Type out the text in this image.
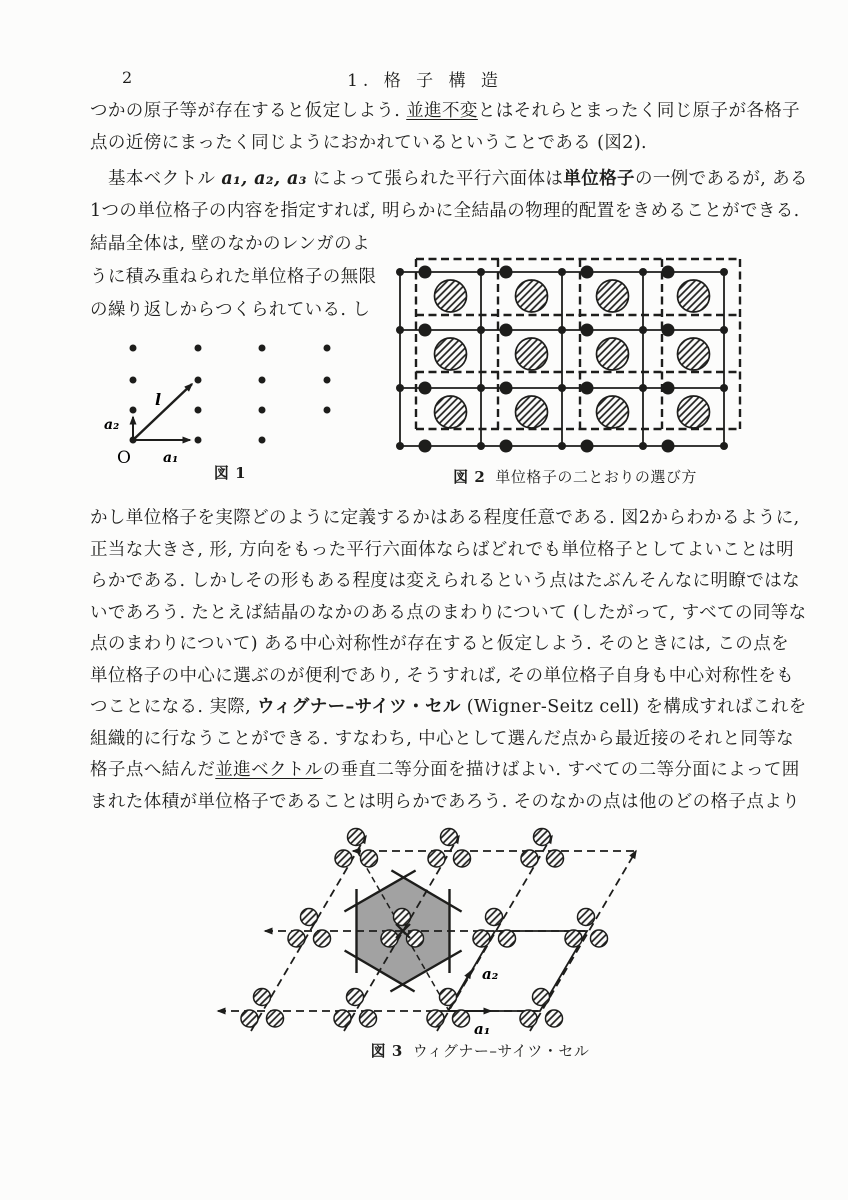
2	1. 格 子 構 造
つかの原子等が存在すると仮定しよう. 並進不変とはそれらとまったく同じ原子が各格子
点の近傍にまったく同じようにおかれているということである (図2).
基本ベクトル a₁, a₂, a₃ によって張られた平行六面体は単位格子の一例であるが, ある
1つの単位格子の内容を指定すれば, 明らかに全結晶の物理的配置をきめることができる.
結晶全体は, 壁のなかのレンガのよ
うに積み重ねられた単位格子の無限
の繰り返しからつくられている. し
O a₁
a₂
l
図 1	図 2 単位格子の二とおりの選び方
かし単位格子を実際どのように定義するかはある程度任意である. 図2からわかるように,
正当な大きさ, 形, 方向をもった平行六面体ならばどれでも単位格子としてよいことは明
らかである. しかしその形もある程度は変えられるという点はたぶんそんなに明瞭ではな
いであろう. たとえば結晶のなかのある点のまわりについて (したがって, すべての同等な
点のまわりについて) ある中心対称性が存在すると仮定しよう. そのときには, この点を
単位格子の中心に選ぶのが便利であり, そうすれば, その単位格子自身も中心対称性をも
つことになる. 実際, ウィグナー–サイツ・セル (Wigner-Seitz cell) を構成すればこれを
組織的に行なうことができる. すなわち, 中心として選んだ点から最近接のそれと同等な
格子点へ結んだ並進ベクトルの垂直二等分面を描けばよい. すべての二等分面によって囲
まれた体積が単位格子であることは明らかであろう. そのなかの点は他のどの格子点より
a₁
a₂
図 3 ウィグナー–サイツ・セル
